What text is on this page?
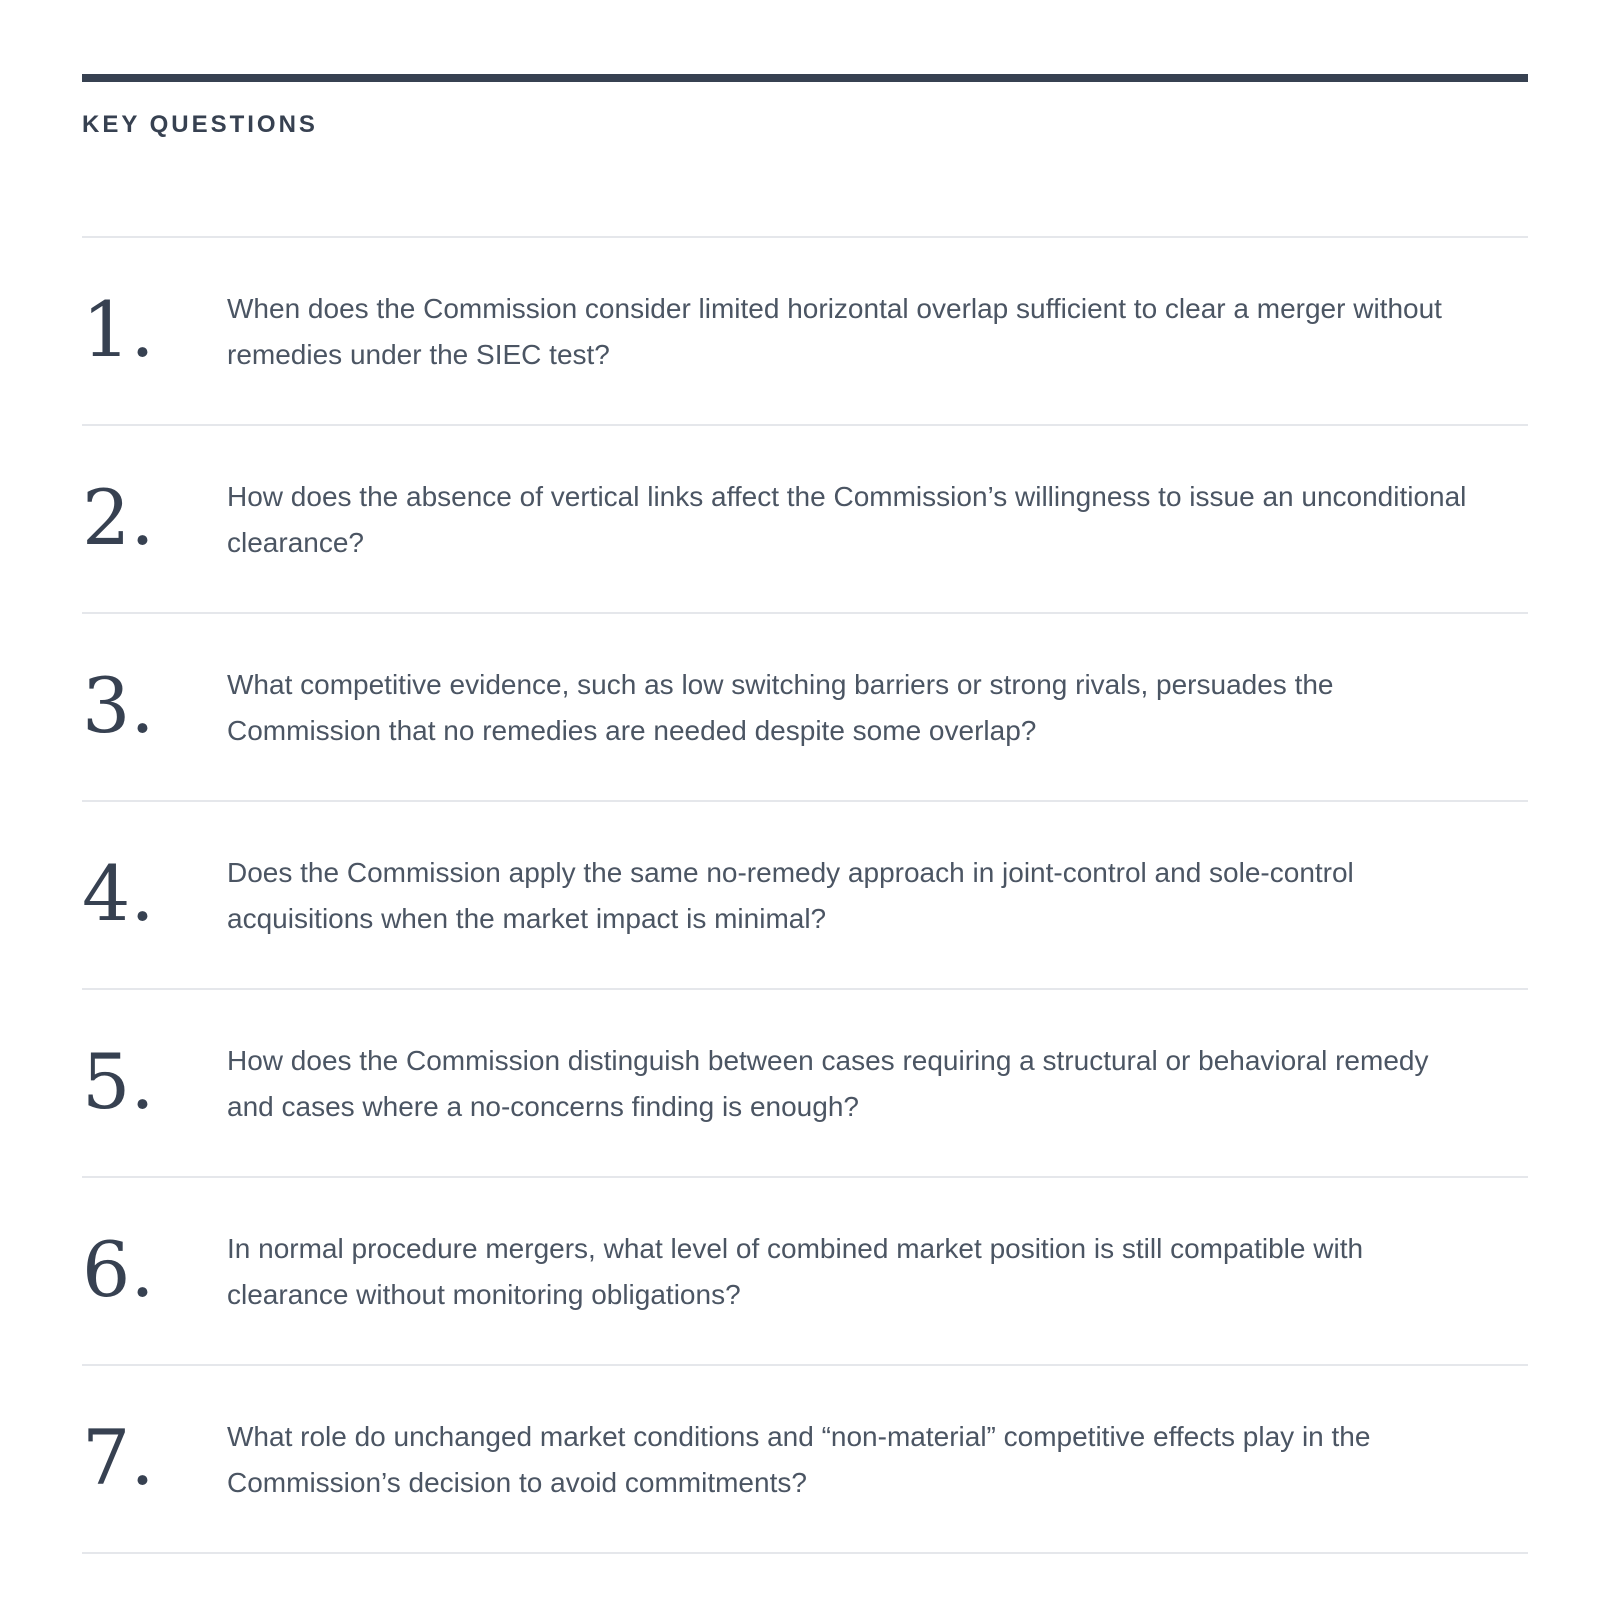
KEY QUESTIONS
1.	When does the Commission consider limited horizontal overlap sufficient to clear a merger without remedies under the SIEC test?
2.	How does the absence of vertical links affect the Commission’s willingness to issue an unconditional clearance?
3.	What competitive evidence, such as low switching barriers or strong rivals, persuades the Commission that no remedies are needed despite some overlap?
4.	Does the Commission apply the same no-remedy approach in joint-control and sole-control acquisitions when the market impact is minimal?
5.	How does the Commission distinguish between cases requiring a structural or behavioral remedy and cases where a no-concerns finding is enough?
6.	In normal procedure mergers, what level of combined market position is still compatible with clearance without monitoring obligations?
7.	What role do unchanged market conditions and “non-material” competitive effects play in the Commission’s decision to avoid commitments?
